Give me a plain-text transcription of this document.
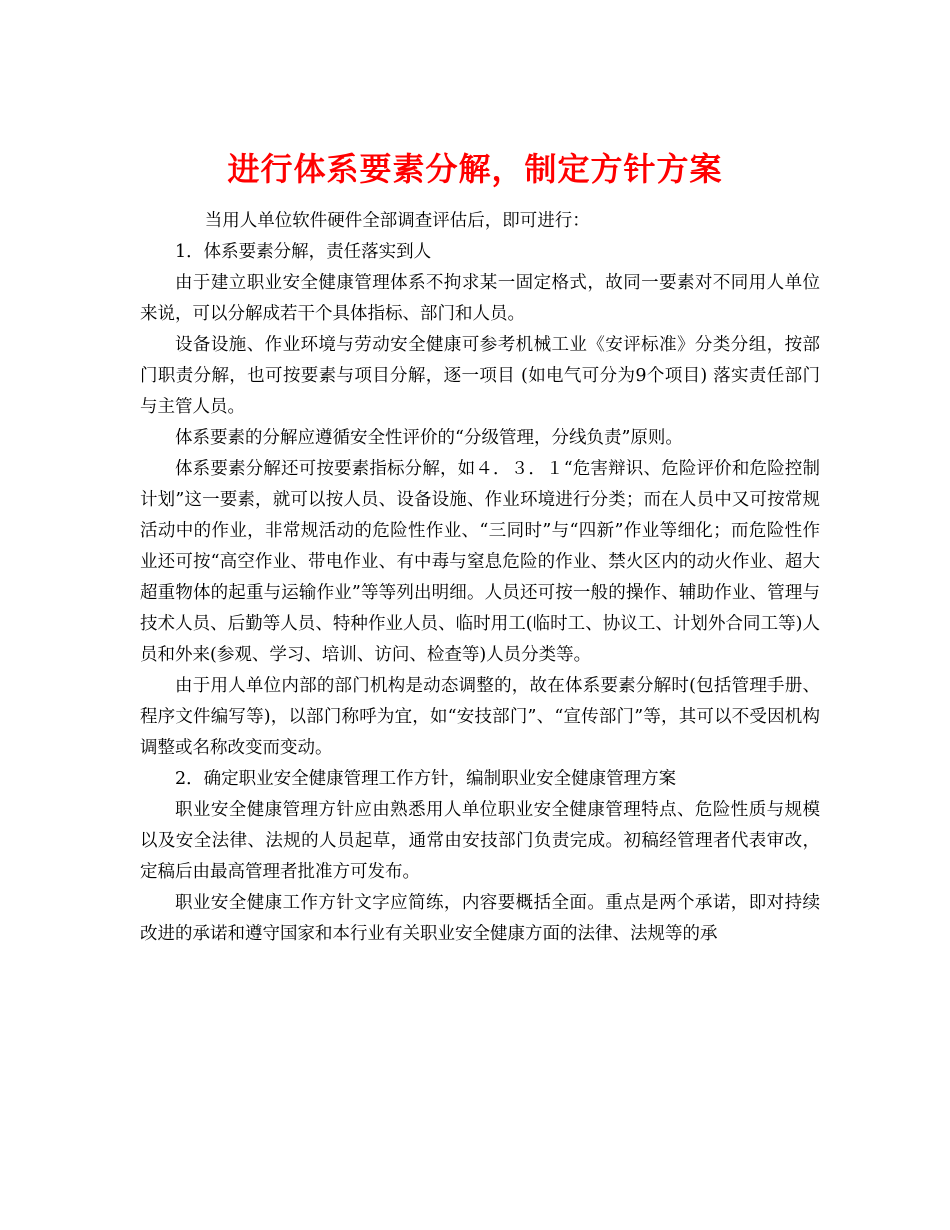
进行体系要素分解，制定方针方案

当用人单位软件硬件全部调查评估后，即可进行：

1．体系要素分解，责任落实到人

由于建立职业安全健康管理体系不拘求某一固定格式，故同一要素对不同用人单位来说，可以分解成若干个具体指标、部门和人员。

设备设施、作业环境与劳动安全健康可参考机械工业《安评标准》分类分组，按部门职责分解，也可按要素与项目分解，逐一项目 (如电气可分为9个项目) 落实责任部门与主管人员。

体系要素的分解应遵循安全性评价的“分级管理，分线负责”原则。

体系要素分解还可按要素指标分解，如４．３．１“危害辩识、危险评价和危险控制计划”这一要素，就可以按人员、设备设施、作业环境进行分类；而在人员中又可按常规活动中的作业，非常规活动的危险性作业、“三同时”与“四新”作业等细化；而危险性作业还可按“高空作业、带电作业、有中毒与窒息危险的作业、禁火区内的动火作业、超大超重物体的起重与运输作业”等等列出明细。人员还可按一般的操作、辅助作业、管理与技术人员、后勤等人员、特种作业人员、临时用工(临时工、协议工、计划外合同工等)人员和外来(参观、学习、培训、访问、检查等)人员分类等。

由于用人单位内部的部门机构是动态调整的，故在体系要素分解时(包括管理手册、程序文件编写等)，以部门称呼为宜，如“安技部门”、“宣传部门”等，其可以不受因机构调整或名称改变而变动。

2．确定职业安全健康管理工作方针，编制职业安全健康管理方案

职业安全健康管理方针应由熟悉用人单位职业安全健康管理特点、危险性质与规模以及安全法律、法规的人员起草，通常由安技部门负责完成。初稿经管理者代表审改，定稿后由最高管理者批准方可发布。

职业安全健康工作方针文字应简练，内容要概括全面。重点是两个承诺，即对持续改进的承诺和遵守国家和本行业有关职业安全健康方面的法律、法规等的承
